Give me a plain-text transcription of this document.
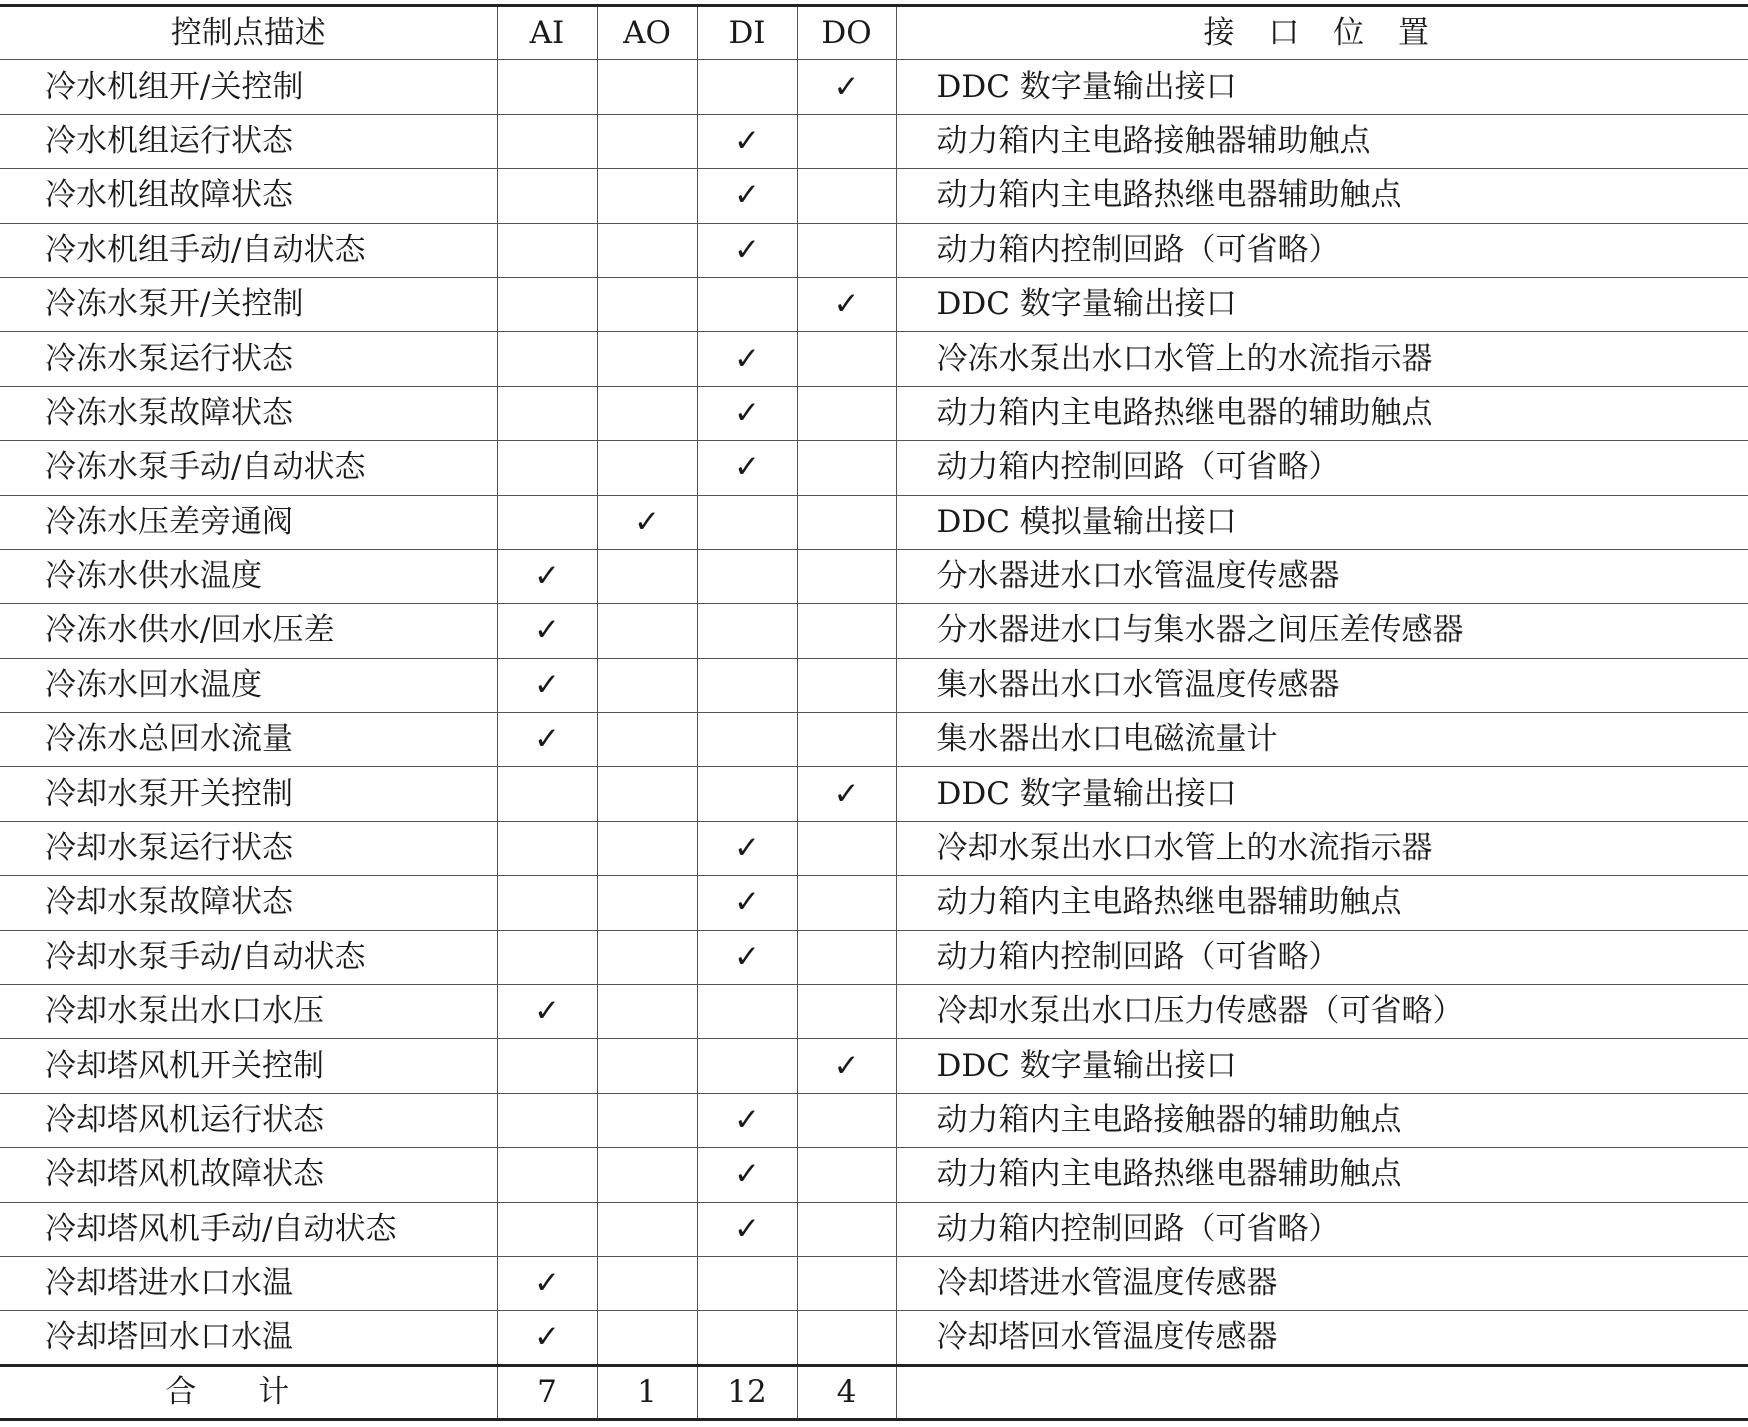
控制点描述	AI	AO	DI	DO	接 口 位 置
冷水机组开/关控制				✓	DDC 数字量输出接口
冷水机组运行状态			✓		动力箱内主电路接触器辅助触点
冷水机组故障状态			✓		动力箱内主电路热继电器辅助触点
冷水机组手动/自动状态			✓		动力箱内控制回路（可省略）
冷冻水泵开/关控制				✓	DDC 数字量输出接口
冷冻水泵运行状态			✓		冷冻水泵出水口水管上的水流指示器
冷冻水泵故障状态			✓		动力箱内主电路热继电器的辅助触点
冷冻水泵手动/自动状态			✓		动力箱内控制回路（可省略）
冷冻水压差旁通阀		✓			DDC 模拟量输出接口
冷冻水供水温度	✓				分水器进水口水管温度传感器
冷冻水供水/回水压差	✓				分水器进水口与集水器之间压差传感器
冷冻水回水温度	✓				集水器出水口水管温度传感器
冷冻水总回水流量	✓				集水器出水口电磁流量计
冷却水泵开关控制				✓	DDC 数字量输出接口
冷却水泵运行状态			✓		冷却水泵出水口水管上的水流指示器
冷却水泵故障状态			✓		动力箱内主电路热继电器辅助触点
冷却水泵手动/自动状态			✓		动力箱内控制回路（可省略）
冷却水泵出水口水压	✓				冷却水泵出水口压力传感器（可省略）
冷却塔风机开关控制				✓	DDC 数字量输出接口
冷却塔风机运行状态			✓		动力箱内主电路接触器的辅助触点
冷却塔风机故障状态			✓		动力箱内主电路热继电器辅助触点
冷却塔风机手动/自动状态			✓		动力箱内控制回路（可省略）
冷却塔进水口水温	✓				冷却塔进水管温度传感器
冷却塔回水口水温	✓				冷却塔回水管温度传感器
合计	7	1	12	4	
